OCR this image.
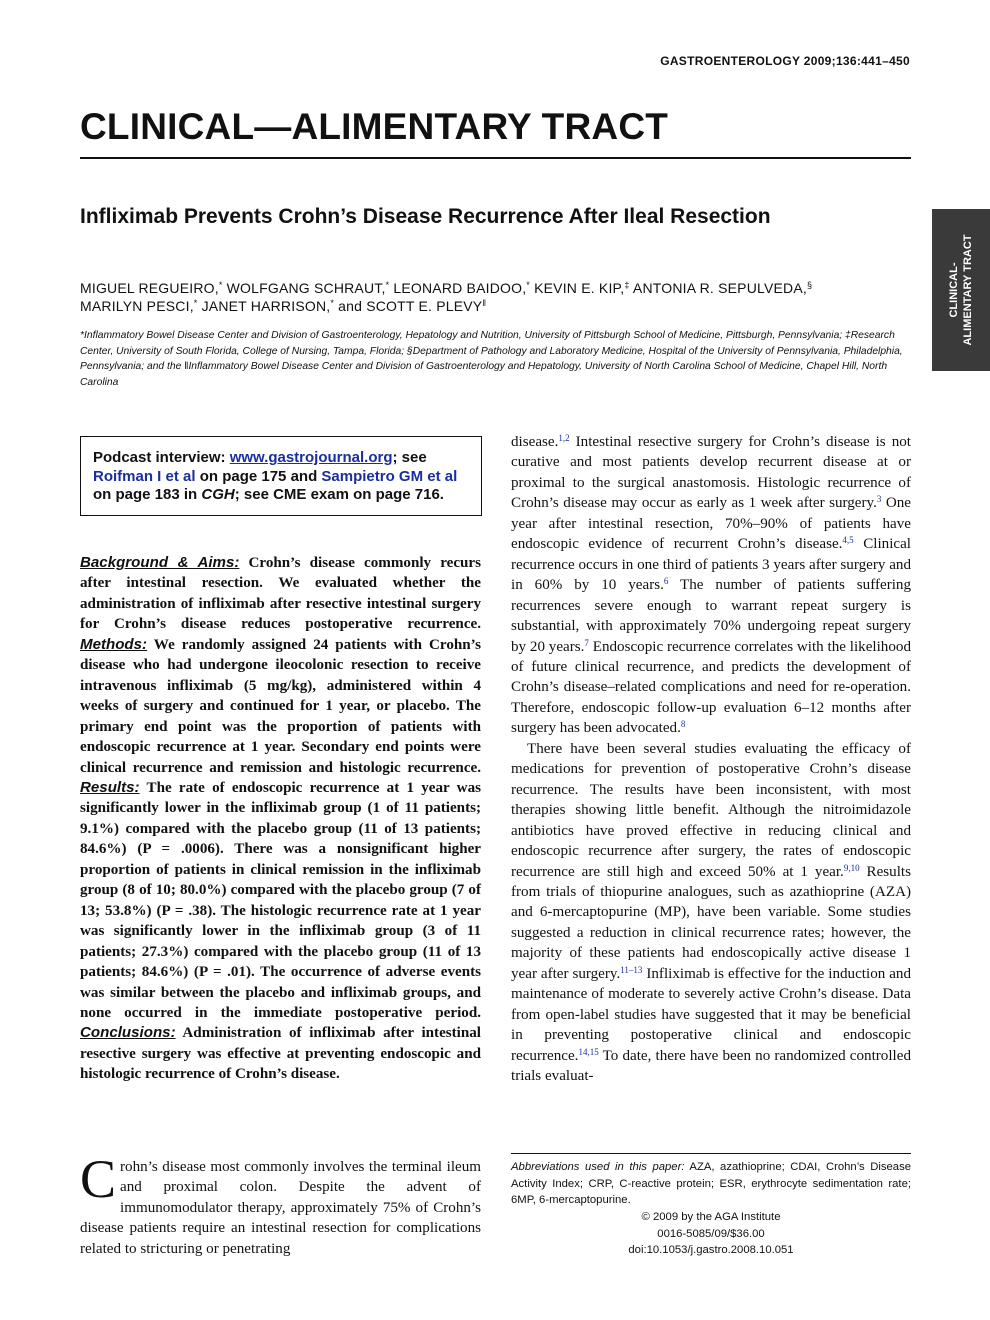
GASTROENTEROLOGY 2009;136:441–450
CLINICAL—ALIMENTARY TRACT
CLINICAL- ALIMENTARY TRACT
Infliximab Prevents Crohn’s Disease Recurrence After Ileal Resection
MIGUEL REGUEIRO,* WOLFGANG SCHRAUT,* LEONARD BAIDOO,* KEVIN E. KIP,‡ ANTONIA R. SEPULVEDA,§
MARILYN PESCI,* JANET HARRISON,* and SCOTT E. PLEVY‖
*Inflammatory Bowel Disease Center and Division of Gastroenterology, Hepatology and Nutrition, University of Pittsburgh School of Medicine, Pittsburgh, Pennsylvania; ‡Research Center, University of South Florida, College of Nursing, Tampa, Florida; §Department of Pathology and Laboratory Medicine, Hospital of the University of Pennsylvania, Philadelphia, Pennsylvania; and the ‖Inflammatory Bowel Disease Center and Division of Gastroenterology and Hepatology, University of North Carolina School of Medicine, Chapel Hill, North Carolina
Podcast interview: www.gastrojournal.org; see Roifman I et al on page 175 and Sampietro GM et al on page 183 in CGH; see CME exam on page 716.
Background & Aims: Crohn’s disease commonly recurs after intestinal resection. We evaluated whether the administration of infliximab after resective intestinal surgery for Crohn’s disease reduces postoperative recurrence. Methods: We randomly assigned 24 patients with Crohn’s disease who had undergone ileocolonic resection to receive intravenous infliximab (5 mg/kg), administered within 4 weeks of surgery and continued for 1 year, or placebo. The primary end point was the proportion of patients with endoscopic recurrence at 1 year. Secondary end points were clinical recurrence and remission and histologic recurrence. Results: The rate of endoscopic recurrence at 1 year was significantly lower in the infliximab group (1 of 11 patients; 9.1%) compared with the placebo group (11 of 13 patients; 84.6%) (P = .0006). There was a nonsignificant higher proportion of patients in clinical remission in the infliximab group (8 of 10; 80.0%) compared with the placebo group (7 of 13; 53.8%) (P = .38). The histologic recurrence rate at 1 year was significantly lower in the infliximab group (3 of 11 patients; 27.3%) compared with the placebo group (11 of 13 patients; 84.6%) (P = .01). The occurrence of adverse events was similar between the placebo and infliximab groups, and none occurred in the immediate postoperative period. Conclusions: Administration of infliximab after intestinal resective surgery was effective at preventing endoscopic and histologic recurrence of Crohn’s disease.
Crohn’s disease most commonly involves the terminal ileum and proximal colon. Despite the advent of immunomodulator therapy, approximately 75% of Crohn’s disease patients require an intestinal resection for complications related to stricturing or penetrating

disease.$^{1,2}$ Intestinal resective surgery for Crohn’s disease is not curative and most patients develop recurrent disease at or proximal to the surgical anastomosis. Histologic recurrence of Crohn’s disease may occur as early as 1 week after surgery.$^3$ One year after intestinal resection, 70%–90% of patients have endoscopic evidence of recurrent Crohn’s disease.$^{4,5}$ Clinical recurrence occurs in one third of patients 3 years after surgery and in 60% by 10 years.$^6$ The number of patients suffering recurrences severe enough to warrant repeat surgery is substantial, with approximately 70% undergoing repeat surgery by 20 years.$^7$ Endoscopic recurrence correlates with the likelihood of future clinical recurrence, and predicts the development of Crohn’s disease–related complications and need for re-operation. Therefore, endoscopic follow-up evaluation 6–12 months after surgery has been advocated.$^8$

There have been several studies evaluating the efficacy of medications for prevention of postoperative Crohn’s disease recurrence. The results have been inconsistent, with most therapies showing little benefit. Although the nitroimidazole antibiotics have proved effective in reducing clinical and endoscopic recurrence after surgery, the rates of endoscopic recurrence are still high and exceed 50% at 1 year.$^{9,10}$ Results from trials of thiopurine analogues, such as azathioprine (AZA) and 6-mercaptopurine (MP), have been variable. Some studies suggested a reduction in clinical recurrence rates; however, the majority of these patients had endoscopically active disease 1 year after surgery.$^{11-13}$ Infliximab is effective for the induction and maintenance of moderate to severely active Crohn’s disease. Data from open-label studies have suggested that it may be beneficial in preventing postoperative clinical and endoscopic recurrence.$^{14,15}$ To date, there have been no randomized controlled trials evaluat-

Abbreviations used in this paper: AZA, azathioprine; CDAI, Crohn’s Disease Activity Index; CRP, C-reactive protein; ESR, erythrocyte sedimentation rate; 6MP, 6-mercaptopurine.
© 2009 by the AGA Institute
0016-5085/09/$36.00
doi:10.1053/j.gastro.2008.10.051
